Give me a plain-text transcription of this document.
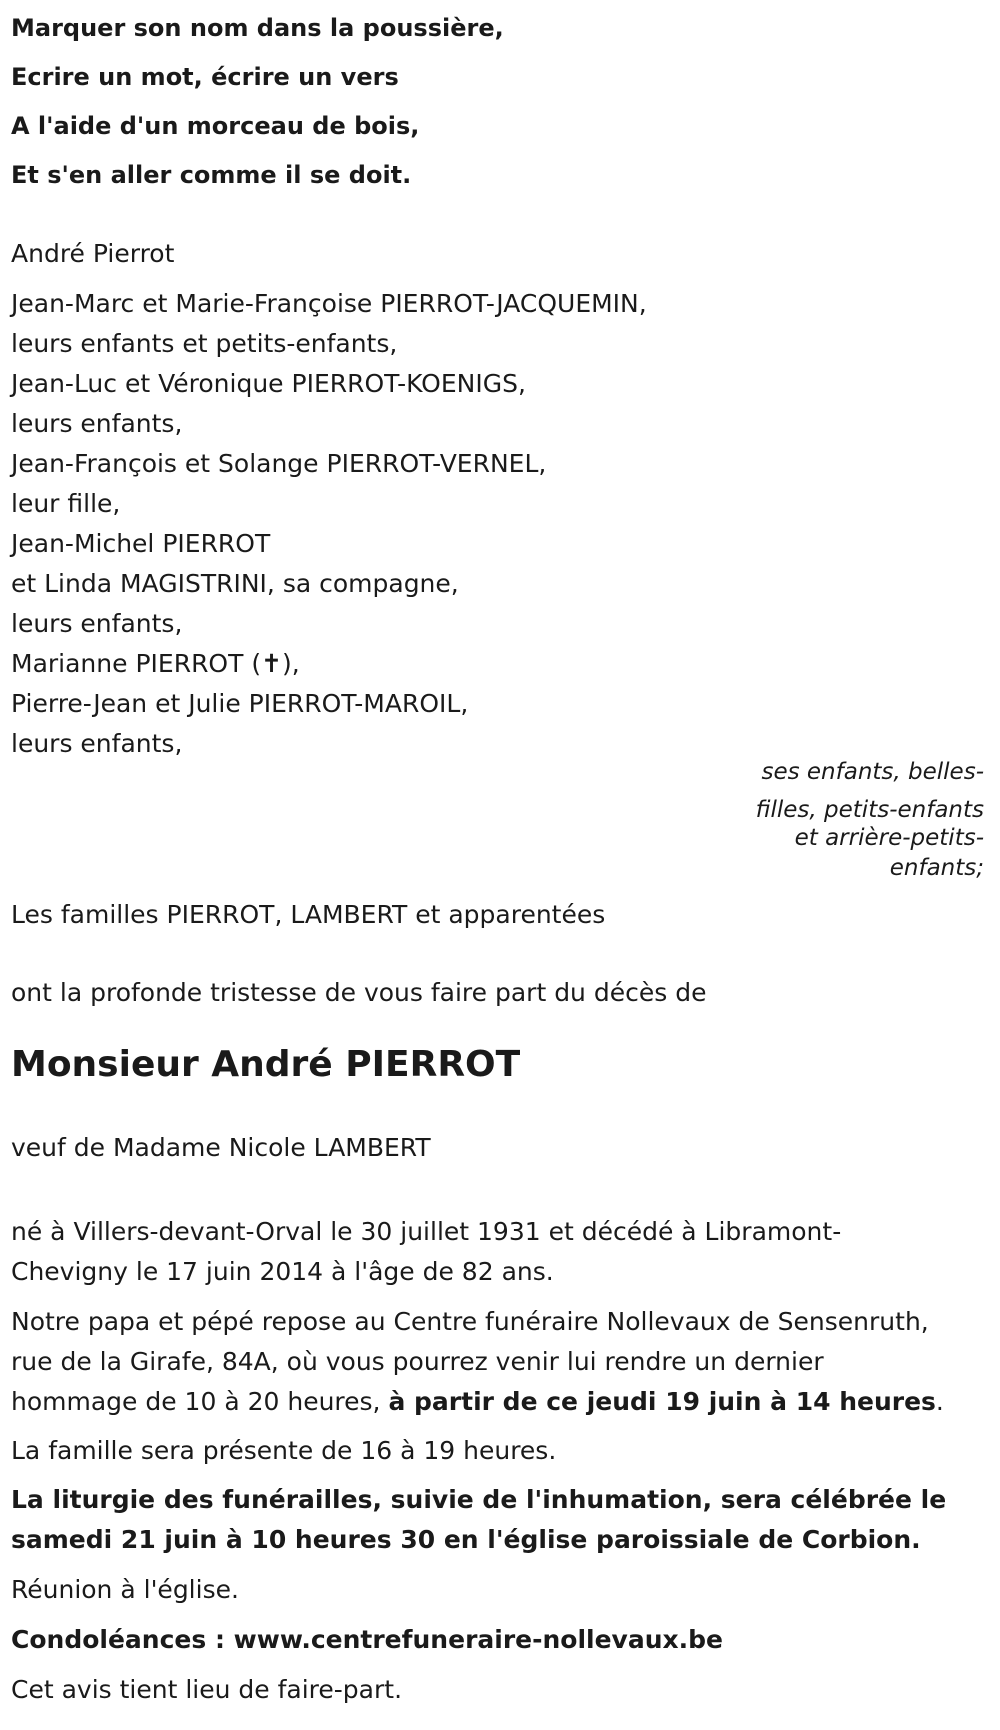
Marquer son nom dans la poussière,

Ecrire un mot, écrire un vers

A l'aide d'un morceau de bois,

Et s'en aller comme il se doit.

André Pierrot

Jean-Marc et Marie-Françoise PIERROT-JACQUEMIN,

leurs enfants et petits-enfants,

Jean-Luc et Véronique PIERROT-KOENIGS,

leurs enfants,

Jean-François et Solange PIERROT-VERNEL,

leur fille,

Jean-Michel PIERROT

et Linda MAGISTRINI, sa compagne,

leurs enfants,

Marianne PIERROT (✝),

Pierre-Jean et Julie PIERROT-MAROIL,

leurs enfants,

ses enfants, belles-
filles, petits-enfants
et arrière-petits-
enfants;

Les familles PIERROT, LAMBERT et apparentées

ont la profonde tristesse de vous faire part du décès de

Monsieur André PIERROT

veuf de Madame Nicole LAMBERT

né à Villers-devant-Orval le 30 juillet 1931 et décédé à Libramont-

Chevigny le 17 juin 2014 à l'âge de 82 ans.

Notre papa et pépé repose au Centre funéraire Nollevaux de Sensenruth,

rue de la Girafe, 84A, où vous pourrez venir lui rendre un dernier

hommage de 10 à 20 heures, à partir de ce jeudi 19 juin à 14 heures.

La famille sera présente de 16 à 19 heures.

La liturgie des funérailles, suivie de l'inhumation, sera célébrée le

samedi 21 juin à 10 heures 30 en l'église paroissiale de Corbion.

Réunion à l'église.

Condoléances : www.centrefuneraire-nollevaux.be

Cet avis tient lieu de faire-part.
